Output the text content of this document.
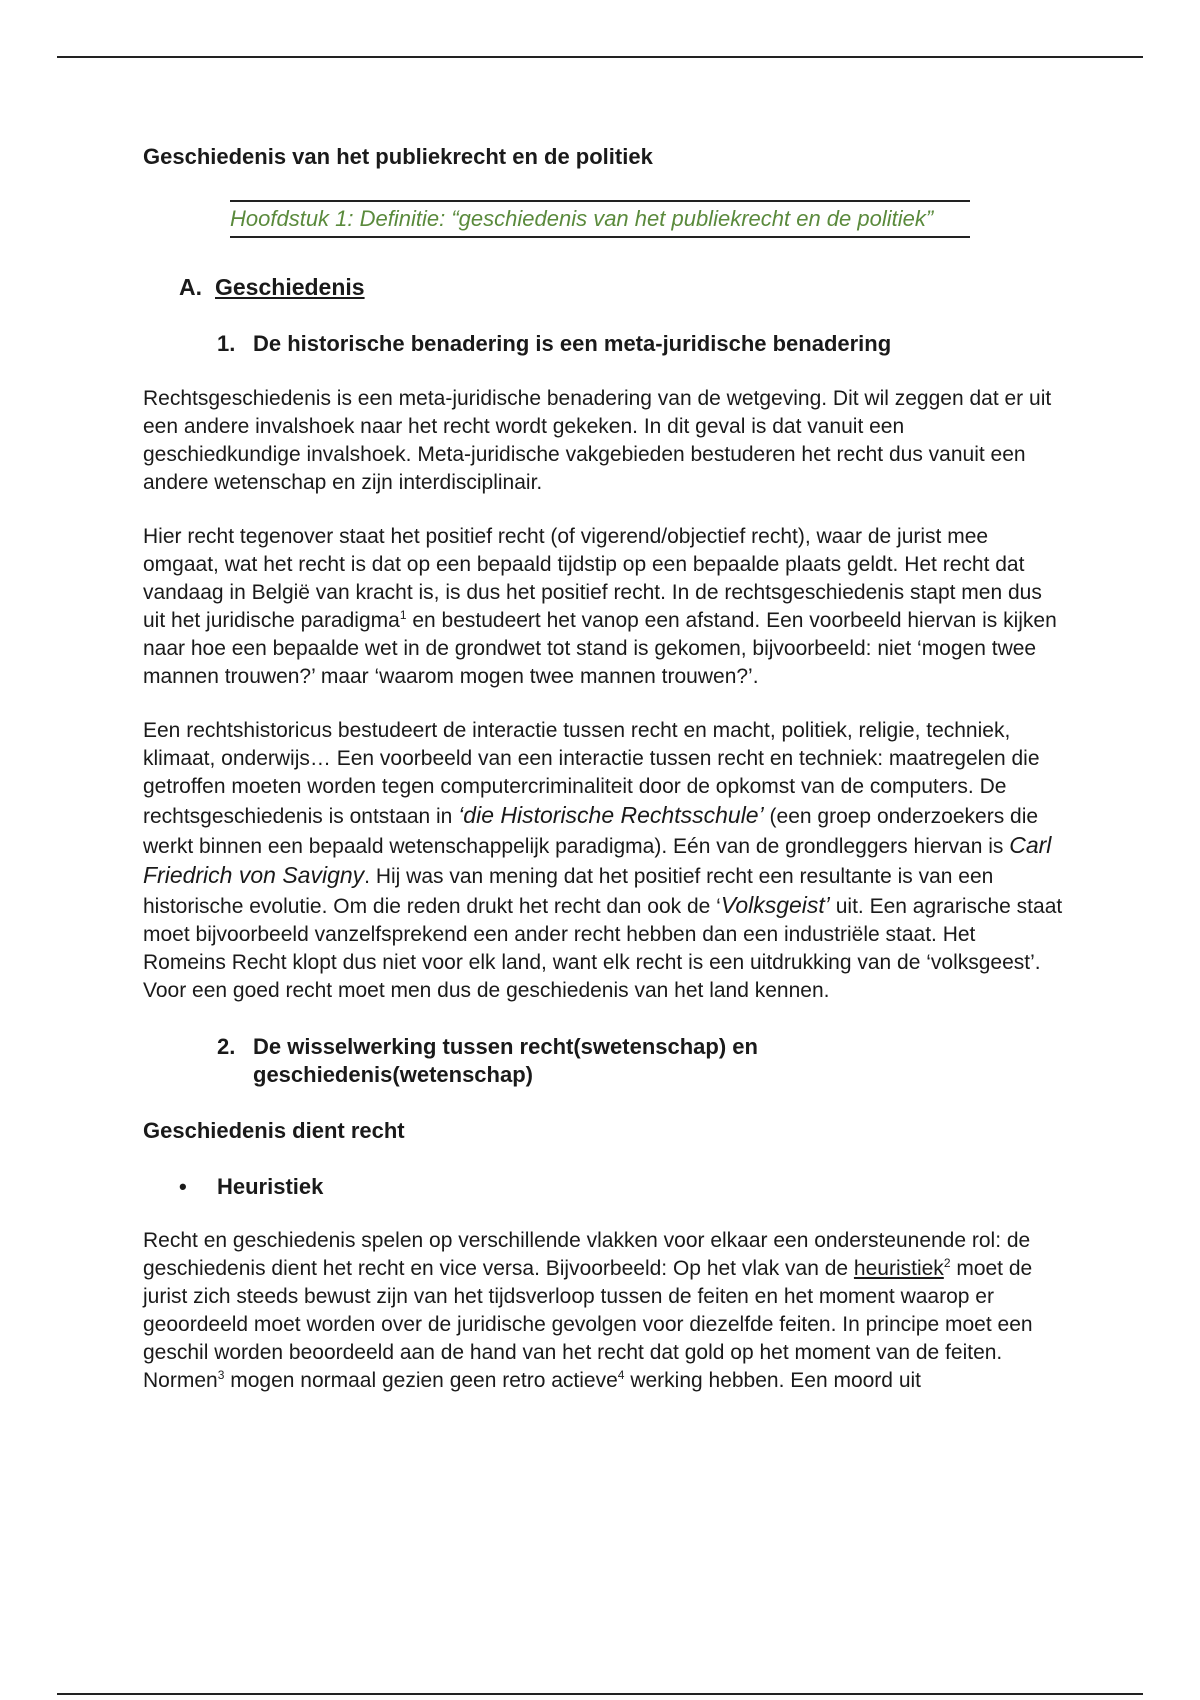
Geschiedenis van het publiekrecht en de politiek
Hoofdstuk 1: Definitie: “geschiedenis van het publiekrecht en de politiek”
A. Geschiedenis
1. De historische benadering is een meta-juridische benadering

Rechtsgeschiedenis is een meta-juridische benadering van de wetgeving. Dit wil zeggen dat er uit een andere invalshoek naar het recht wordt gekeken. In dit geval is dat vanuit een geschiedkundige invalshoek. Meta-juridische vakgebieden bestuderen het recht dus vanuit een andere wetenschap en zijn interdisciplinair.

Hier recht tegenover staat het positief recht (of vigerend/objectief recht), waar de jurist mee omgaat, wat het recht is dat op een bepaald tijdstip op een bepaalde plaats geldt. Het recht dat vandaag in België van kracht is, is dus het positief recht. In de rechtsgeschiedenis stapt men dus uit het juridische paradigma$^1$ en bestudeert het vanop een afstand. Een voorbeeld hiervan is kijken naar hoe een bepaalde wet in de grondwet tot stand is gekomen, bijvoorbeeld: niet ‘mogen twee mannen trouwen?’ maar ‘waarom mogen twee mannen trouwen?’.

Een rechtshistoricus bestudeert de interactie tussen recht en macht, politiek, religie, techniek, klimaat, onderwijs… Een voorbeeld van een interactie tussen recht en techniek: maatregelen die getroffen moeten worden tegen computercriminaliteit door de opkomst van de computers. De rechtsgeschiedenis is ontstaan in ‘die Historische Rechtsschule’ (een groep onderzoekers die werkt binnen een bepaald wetenschappelijk paradigma). Eén van de grondleggers hiervan is Carl Friedrich von Savigny. Hij was van mening dat het positief recht een resultante is van een historische evolutie. Om die reden drukt het recht dan ook de ‘Volksgeist’ uit. Een agrarische staat moet bijvoorbeeld vanzelfsprekend een ander recht hebben dan een industriële staat. Het Romeins Recht klopt dus niet voor elk land, want elk recht is een uitdrukking van de ‘volksgeest’. Voor een goed recht moet men dus de geschiedenis van het land kennen.

2. De wisselwerking tussen recht(swetenschap) en geschiedenis(wetenschap)
Geschiedenis dient recht
•	Heuristiek

Recht en geschiedenis spelen op verschillende vlakken voor elkaar een ondersteunende rol: de geschiedenis dient het recht en vice versa. Bijvoorbeeld: Op het vlak van de heuristiek$^2$ moet de jurist zich steeds bewust zijn van het tijdsverloop tussen de feiten en het moment waarop er geoordeeld moet worden over de juridische gevolgen voor diezelfde feiten. In principe moet een geschil worden beoordeeld aan de hand van het recht dat gold op het moment van de feiten. Normen$^3$ mogen normaal gezien geen retro actieve$^4$ werking hebben. Een moord uit
